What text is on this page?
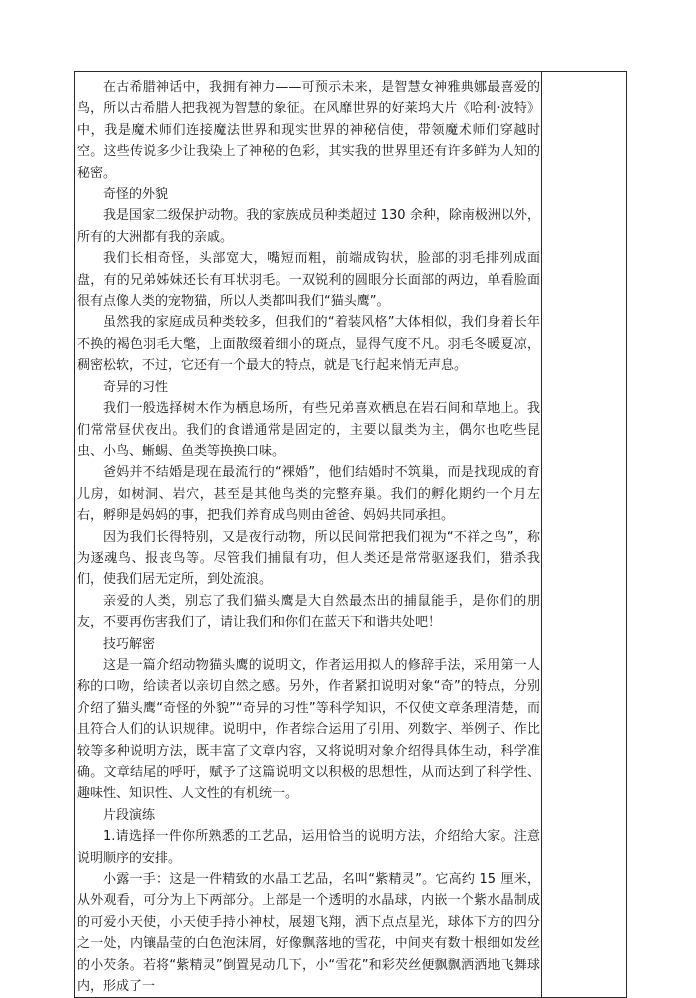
在古希腊神话中，我拥有神力——可预示未来，是智慧女神雅典娜最喜爱的鸟，所以古希腊人把我视为智慧的象征。在风靡世界的好莱坞大片《哈利·波特》中，我是魔术师们连接魔法世界和现实世界的神秘信使，带领魔术师们穿越时空。这些传说多少让我染上了神秘的色彩，其实我的世界里还有许多鲜为人知的秘密。

奇怪的外貌

我是国家二级保护动物。我的家族成员种类超过 130 余种，除南极洲以外，所有的大洲都有我的亲戚。

我们长相奇怪，头部宽大，嘴短而粗，前端成钩状，脸部的羽毛排列成面盘，有的兄弟姊妹还长有耳状羽毛。一双锐利的圆眼分长面部的两边，单看脸面很有点像人类的宠物猫，所以人类都叫我们“猫头鹰”。

虽然我的家庭成员种类较多，但我们的“着装风格”大体相似，我们身着长年不换的褐色羽毛大氅，上面散缀着细小的斑点，显得气度不凡。羽毛冬暖夏凉，稠密松软，不过，它还有一个最大的特点，就是飞行起来悄无声息。

奇异的习性

我们一般选择树木作为栖息场所，有些兄弟喜欢栖息在岩石间和草地上。我们常常昼伏夜出。我们的食谱通常是固定的，主要以鼠类为主，偶尔也吃些昆虫、小鸟、蜥蜴、鱼类等换换口味。

爸妈并不结婚是现在最流行的“裸婚”，他们结婚时不筑巢，而是找现成的育儿房，如树洞、岩穴，甚至是其他鸟类的完整弃巢。我们的孵化期约一个月左右，孵卵是妈妈的事，把我们养育成鸟则由爸爸、妈妈共同承担。

因为我们长得特别，又是夜行动物，所以民间常把我们视为“不祥之鸟”，称为逐魂鸟、报丧鸟等。尽管我们捕鼠有功，但人类还是常常驱逐我们，猎杀我们，使我们居无定所，到处流浪。

亲爱的人类，别忘了我们猫头鹰是大自然最杰出的捕鼠能手，是你们的朋友，不要再伤害我们了，请让我们和你们在蓝天下和谐共处吧！

技巧解密

这是一篇介绍动物猫头鹰的说明文，作者运用拟人的修辞手法，采用第一人称的口吻，给读者以亲切自然之感。另外，作者紧扣说明对象“奇”的特点，分别介绍了猫头鹰“奇怪的外貌”“奇异的习性”等科学知识，不仅使文章条理清楚，而且符合人们的认识规律。说明中，作者综合运用了引用、列数字、举例子、作比较等多种说明方法，既丰富了文章内容，又将说明对象介绍得具体生动，科学准确。文章结尾的呼吁，赋予了这篇说明文以积极的思想性，从而达到了科学性、趣味性、知识性、人文性的有机统一。

片段演练

1.请选择一件你所熟悉的工艺品，运用恰当的说明方法，介绍给大家。注意说明顺序的安排。

小露一手：这是一件精致的水晶工艺品，名叫“紫精灵”。它高约 15 厘米，从外观看，可分为上下两部分。上部是一个透明的水晶球，内嵌一个紫水晶制成的可爱小天使，小天使手持小神杖，展翅飞翔，洒下点点星光，球体下方的四分之一处，内镶晶莹的白色泡沫屑，好像飘落地的雪花，中间夹有数十根细如发丝的小芡条。若将“紫精灵”倒置晃动几下，小“雪花”和彩芡丝便飘飘洒洒地飞舞球内，形成了一
